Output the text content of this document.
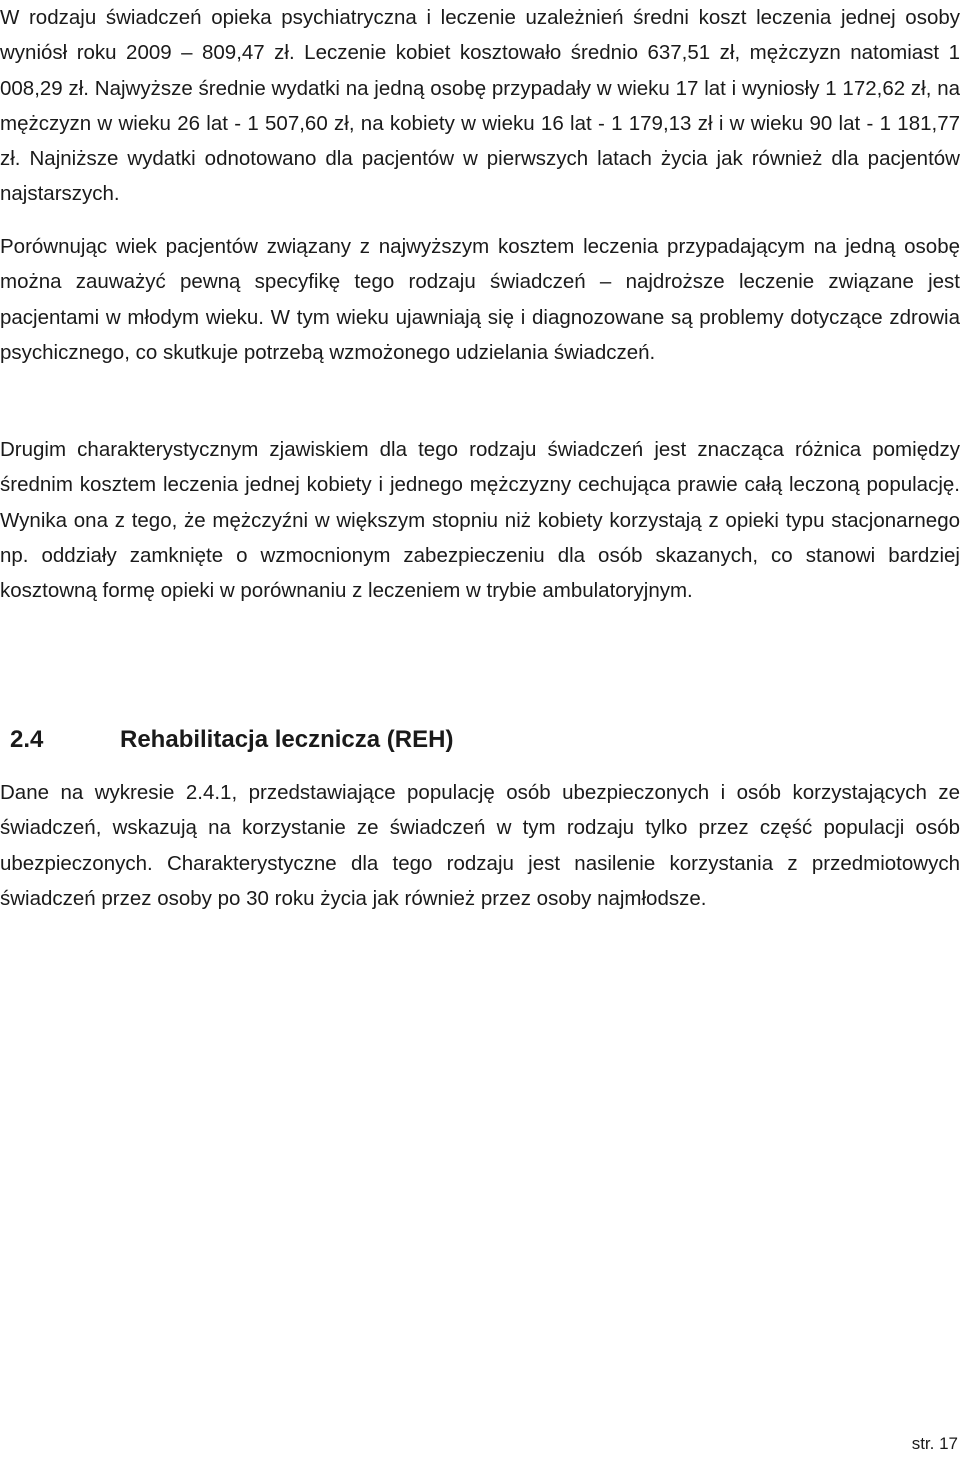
W rodzaju świadczeń opieka psychiatryczna i leczenie uzależnień średni koszt leczenia jednej osoby wyniósł roku 2009 – 809,47 zł. Leczenie kobiet kosztowało średnio 637,51 zł, mężczyzn natomiast 1 008,29 zł. Najwyższe średnie wydatki na jedną osobę przypadały w wieku 17 lat i wyniosły 1 172,62 zł, na mężczyzn w wieku 26 lat - 1 507,60 zł, na kobiety w wieku 16 lat - 1 179,13 zł i w wieku 90 lat - 1 181,77 zł. Najniższe wydatki odnotowano dla pacjentów w pierwszych latach życia jak również dla pacjentów najstarszych.

Porównując wiek pacjentów związany z najwyższym kosztem leczenia przypadającym na jedną osobę można zauważyć pewną specyfikę tego rodzaju świadczeń – najdroższe leczenie związane jest pacjentami w młodym wieku. W tym wieku ujawniają się i diagnozowane są problemy dotyczące zdrowia psychicznego, co skutkuje potrzebą wzmożonego udzielania świadczeń.

Drugim charakterystycznym zjawiskiem dla tego rodzaju świadczeń jest znacząca różnica pomiędzy średnim kosztem leczenia jednej kobiety i jednego mężczyzny cechująca prawie całą leczoną populację. Wynika ona z tego, że mężczyźni w większym stopniu niż kobiety korzystają z opieki typu stacjonarnego np. oddziały zamknięte o wzmocnionym zabezpieczeniu dla osób skazanych, co stanowi bardziej kosztowną formę opieki w porównaniu z leczeniem w trybie ambulatoryjnym.

2.4	Rehabilitacja lecznicza (REH)

Dane na wykresie 2.4.1, przedstawiające populację osób ubezpieczonych i osób korzystających ze świadczeń, wskazują na korzystanie ze świadczeń w tym rodzaju tylko przez część populacji osób ubezpieczonych. Charakterystyczne dla tego rodzaju jest nasilenie korzystania z przedmiotowych świadczeń przez osoby po 30 roku życia jak również przez osoby najmłodsze.

str. 17
